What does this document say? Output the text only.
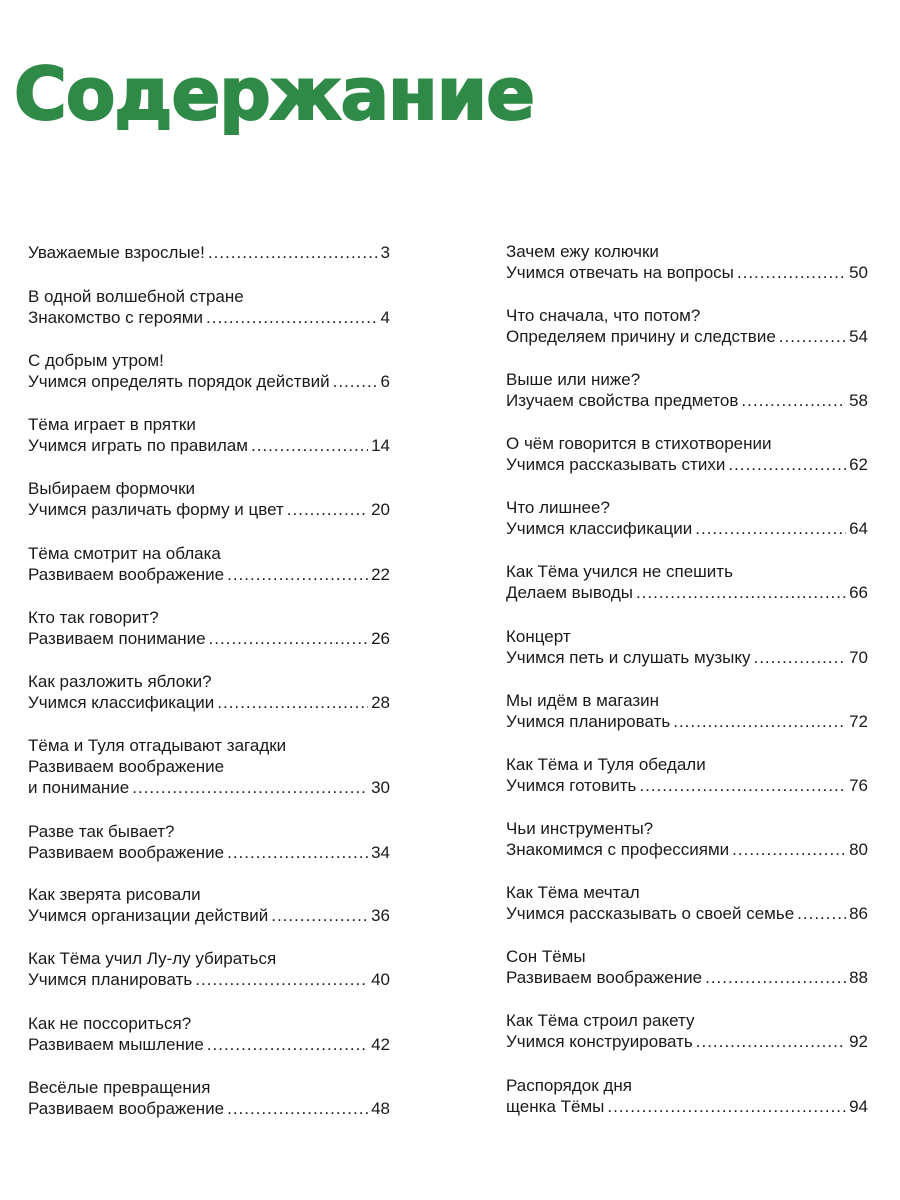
Содержание
Уважаемые взрослые! .....	3
В одной волшебной стране
Знакомство с героями .....	4
С добрым утром!
Учимся определять порядок действий .....	6
Тёма играет в прятки
Учимся играть по правилам .....	14
Выбираем формочки
Учимся различать форму и цвет .....	20
Тёма смотрит на облака
Развиваем воображение .....	22
Кто так говорит?
Развиваем понимание .....	26
Как разложить яблоки?
Учимся классификации .....	28
Тёма и Туля отгадывают загадки
Развиваем воображение
и понимание .....	30
Разве так бывает?
Развиваем воображение .....	34
Как зверята рисовали
Учимся организации действий .....	36
Как Тёма учил Лу-лу убираться
Учимся планировать .....	40
Как не поссориться?
Развиваем мышление .....	42
Весёлые превращения
Развиваем воображение .....	48
Зачем ежу колючки
Учимся отвечать на вопросы .....	50
Что сначала, что потом?
Определяем причину и следствие .....	54
Выше или ниже?
Изучаем свойства предметов .....	58
О чём говорится в стихотворении
Учимся рассказывать стихи .....	62
Что лишнее?
Учимся классификации .....	64
Как Тёма учился не спешить
Делаем выводы .....	66
Концерт
Учимся петь и слушать музыку .....	70
Мы идём в магазин
Учимся планировать .....	72
Как Тёма и Туля обедали
Учимся готовить .....	76
Чьи инструменты?
Знакомимся с профессиями .....	80
Как Тёма мечтал
Учимся рассказывать о своей семье .....	86
Сон Тёмы
Развиваем воображение .....	88
Как Тёма строил ракету
Учимся конструировать .....	92
Распорядок дня
щенка Тёмы .....	94
